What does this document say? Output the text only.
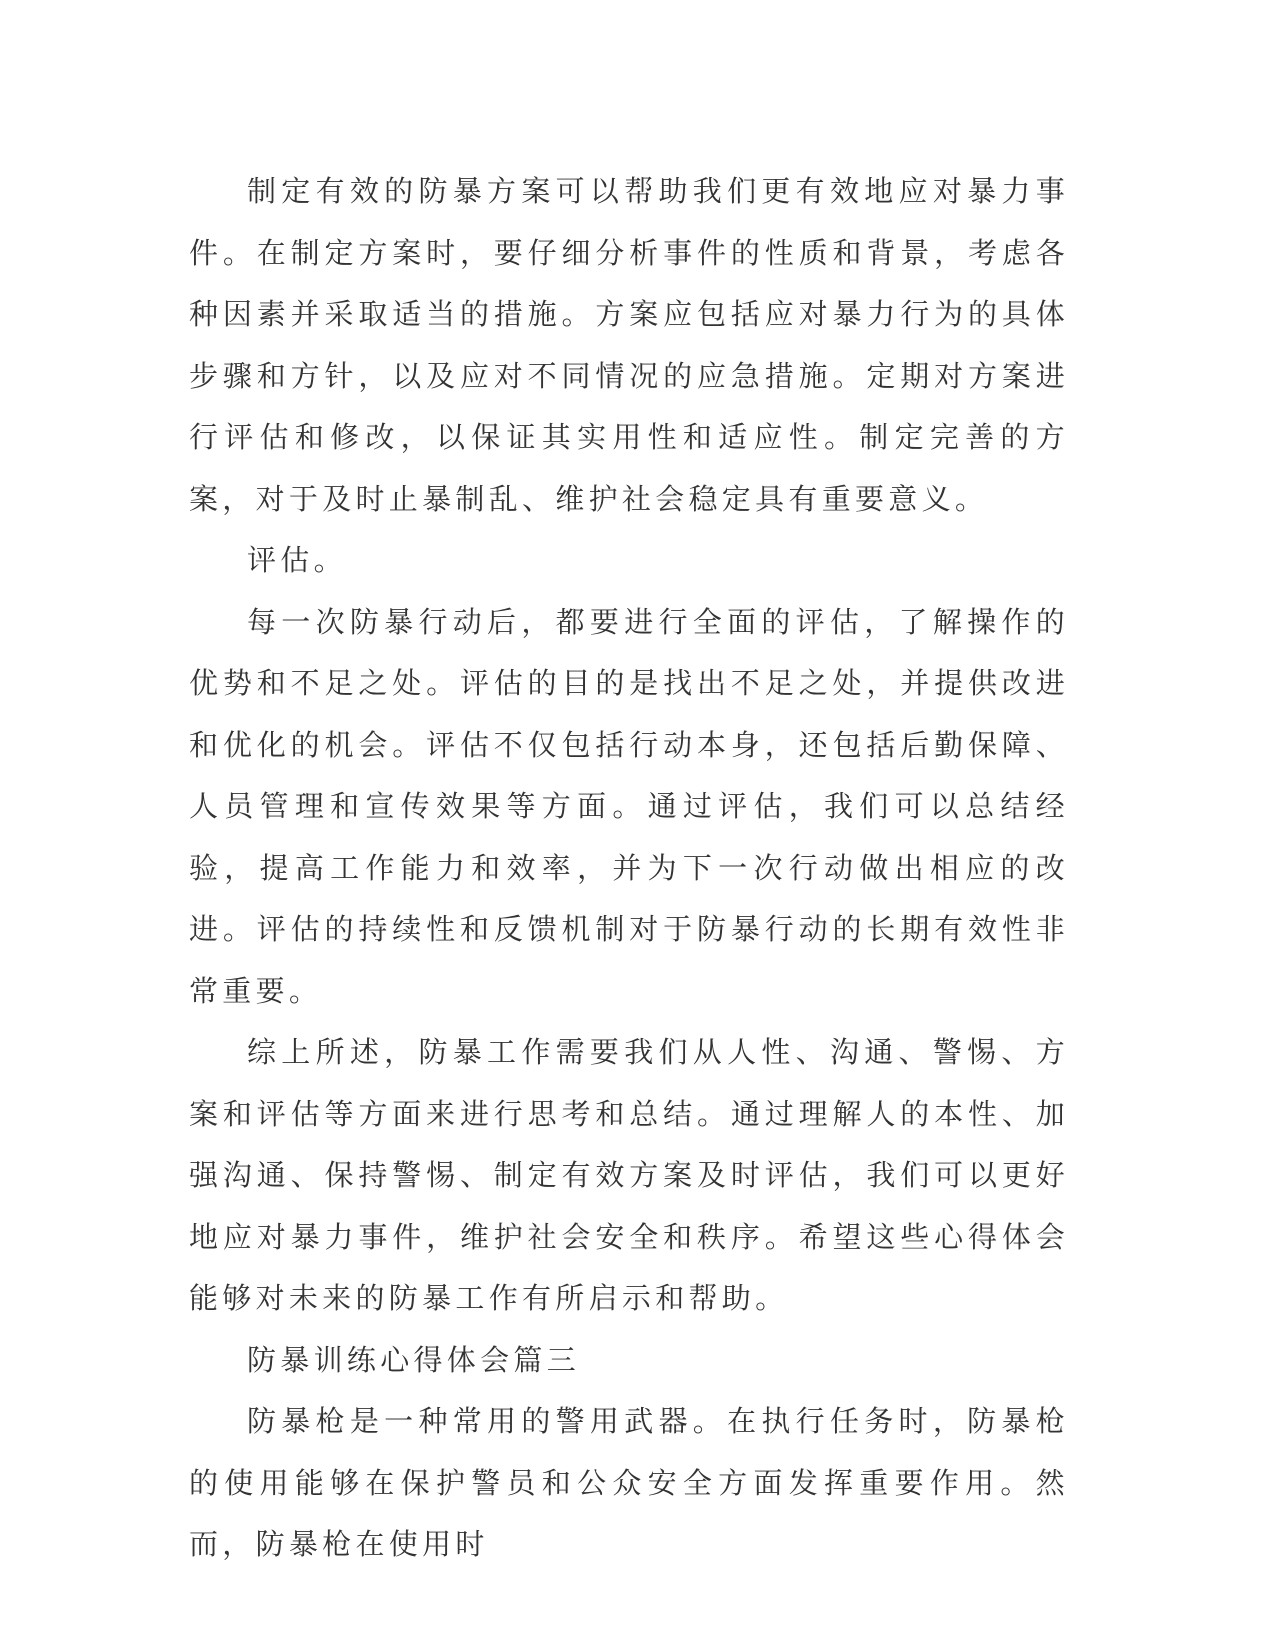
制定有效的防暴方案可以帮助我们更有效地应对暴力事件。在制定方案时，要仔细分析事件的性质和背景，考虑各种因素并采取适当的措施。方案应包括应对暴力行为的具体步骤和方针，以及应对不同情况的应急措施。定期对方案进行评估和修改，以保证其实用性和适应性。制定完善的方案，对于及时止暴制乱、维护社会稳定具有重要意义。

评估。

每一次防暴行动后，都要进行全面的评估，了解操作的优势和不足之处。评估的目的是找出不足之处，并提供改进和优化的机会。评估不仅包括行动本身，还包括后勤保障、人员管理和宣传效果等方面。通过评估，我们可以总结经验，提高工作能力和效率，并为下一次行动做出相应的改进。评估的持续性和反馈机制对于防暴行动的长期有效性非常重要。

综上所述，防暴工作需要我们从人性、沟通、警惕、方案和评估等方面来进行思考和总结。通过理解人的本性、加强沟通、保持警惕、制定有效方案及时评估，我们可以更好地应对暴力事件，维护社会安全和秩序。希望这些心得体会能够对未来的防暴工作有所启示和帮助。

防暴训练心得体会篇三

防暴枪是一种常用的警用武器。在执行任务时，防暴枪的使用能够在保护警员和公众安全方面发挥重要作用。然而，防暴枪在使用时
